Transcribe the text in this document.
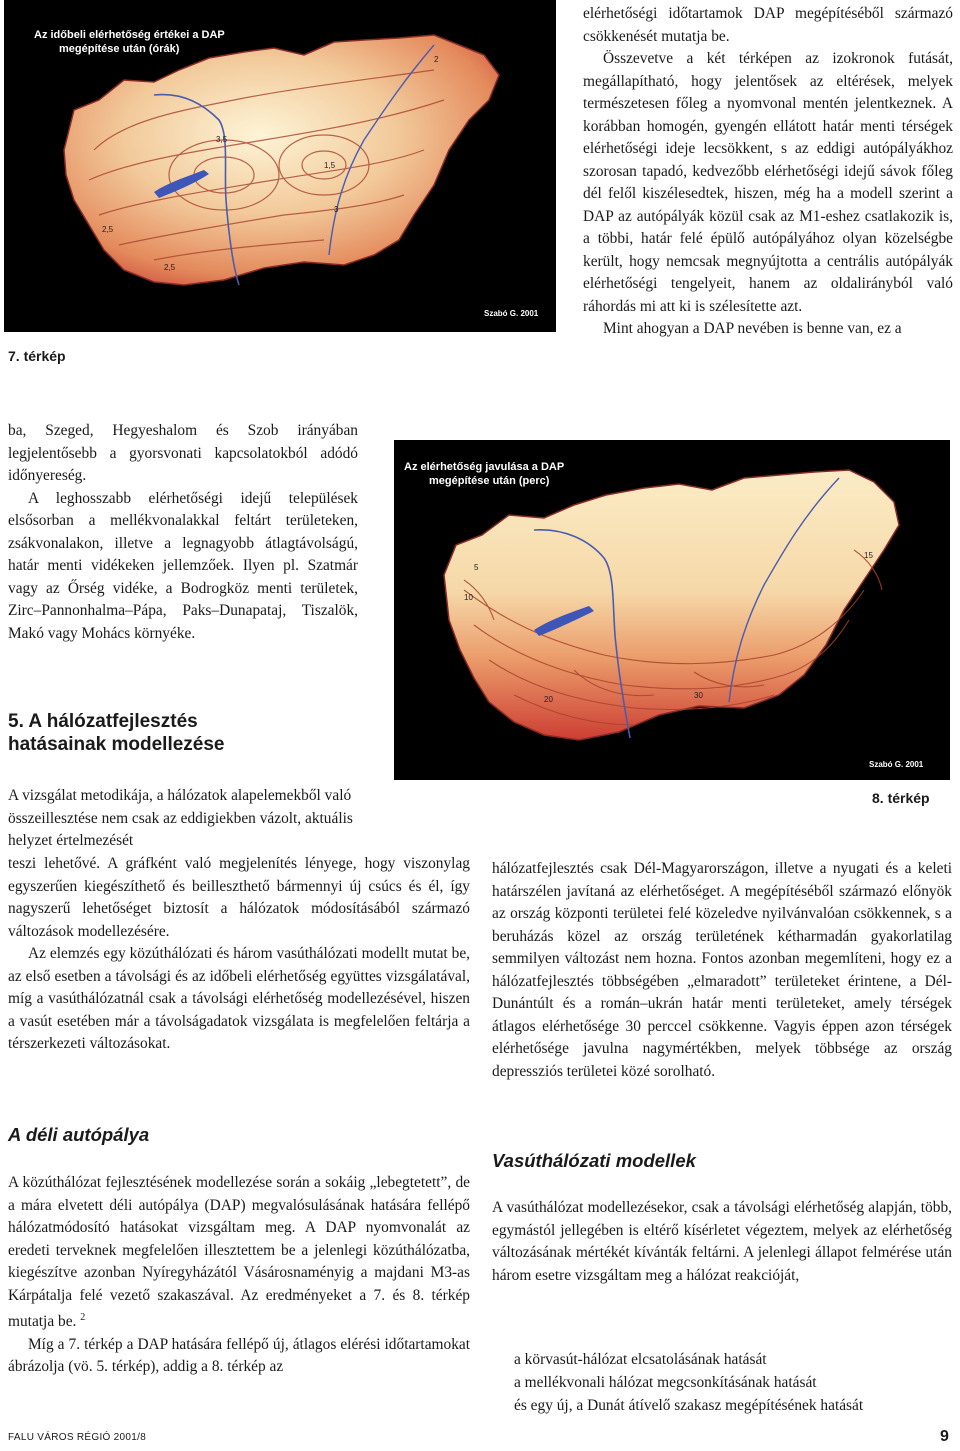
Az időbeli elérhetőség értékei a DAP
megépítése után (órák)
Szabó G. 2001
2,5
3
2
3,5
1,5
2,5
7. térkép

elérhetőségi időtartamok DAP megépítéséből származó csökkenését mutatja be.

Összevetve a két térképen az izokronok futását, megállapítható, hogy jelentősek az eltérések, melyek természetesen főleg a nyomvonal mentén jelentkeznek. A korábban homogén, gyengén ellátott határ menti térségek elérhetőségi ideje lecsökkent, s az eddigi autópályákhoz szorosan tapadó, kedvezőbb elérhetőségi idejű sávok főleg dél felől kiszélesedtek, hiszen, még ha a modell szerint a DAP az autópályák közül csak az M1-eshez csatlakozik is, a többi, határ felé épülő autópályához olyan közelségbe került, hogy nemcsak megnyújtotta a centrális autópályák elérhetőségi tengelyeit, hanem az oldalirányból való ráhordás mi att ki is szélesítette azt.

Mint ahogyan a DAP nevében is benne van, ez a

ba, Szeged, Hegyeshalom és Szob irányában legjelentősebb a gyorsvonati kapcsolatokból adódó időnyereség.

A leghosszabb elérhetőségi idejű települések elsősorban a mellékvonalakkal feltárt területeken, zsákvonalakon, illetve a legnagyobb átlagtávolságú, határ menti vidékeken jellemzőek. Ilyen pl. Szatmár vagy az Őrség vidéke, a Bodrogköz menti területek, Zirc–Pannonhalma–Pápa, Paks–Dunapataj, Tiszalök, Makó vagy Mohács környéke.

Az elérhetőség javulása a DAP
megépítése után (perc)
Szabó G. 2001
5
10
15
20	30
8. térkép
5. A hálózatfejlesztés
hatásainak modellezése
A vizsgálat metodikája, a hálózatok alapelemekből való összeillesztése nem csak az eddigiekben vázolt, aktuális helyzet értelmezését

teszi lehetővé. A gráfként való megjelenítés lényege, hogy viszonylag egyszerűen kiegészíthető és beilleszthető bármennyi új csúcs és él, így nagyszerű lehetőséget biztosít a hálózatok módosításából származó változások modellezésére.

Az elemzés egy közúthálózati és három vasúthálózati modellt mutat be, az első esetben a távolsági és az időbeli elérhetőség együttes vizsgálatával, míg a vasúthálózatnál csak a távolsági elérhetőség modellezésével, hiszen a vasút esetében már a távolságadatok vizsgálata is megfelelően feltárja a térszerkezeti változásokat.

A déli autópálya

A közúthálózat fejlesztésének modellezése során a sokáig „lebegtetett”, de a mára elvetett déli autópálya (DAP) megvalósulásának hatására fellépő hálózatmódosító hatásokat vizsgáltam meg. A DAP nyomvonalát az eredeti terveknek megfelelően illesztettem be a jelenlegi közúthálózatba, kiegészítve azonban Nyíregyházától Vásárosnaményig a majdani M3-as Kárpátalja felé vezető szakaszával. Az eredményeket a 7. és 8. térkép mutatja be. $^2$

Míg a 7. térkép a DAP hatására fellépő új, átlagos elérési időtartamokat ábrázolja (vö. 5. térkép), addig a 8. térkép az

hálózatfejlesztés csak Dél-Magyarországon, illetve a nyugati és a keleti határszélen javítaná az elérhetőséget. A megépítéséből származó előnyök az ország központi területei felé közeledve nyilvánvalóan csökkennek, s a beruházás közel az ország területének kétharmadán gyakorlatilag semmilyen változást nem hozna. Fontos azonban megemlíteni, hogy ez a hálózatfejlesztés többségében „elmaradott” területeket érintene, a Dél-Dunántúlt és a román–ukrán határ menti területeket, amely térségek átlagos elérhetősége 30 perccel csökkenne. Vagyis éppen azon térségek elérhetősége javulna nagymértékben, melyek többsége az ország depressziós területei közé sorolható.

Vasúthálózati modellek

A vasúthálózat modellezésekor, csak a távolsági elérhetőség alapján, több, egymástól jellegében is eltérő kísérletet végeztem, melyek az elérhetőség változásának mértékét kívánták feltárni. A jelenlegi állapot felmérése után három esetre vizsgáltam meg a hálózat reakcióját,

a körvasút-hálózat elcsatolásának hatását
a mellékvonali hálózat megcsonkításának hatását
és egy új, a Dunát átívelő szakasz megépítésének hatását
FALU VÁROS RÉGIÓ 2001/8	9
